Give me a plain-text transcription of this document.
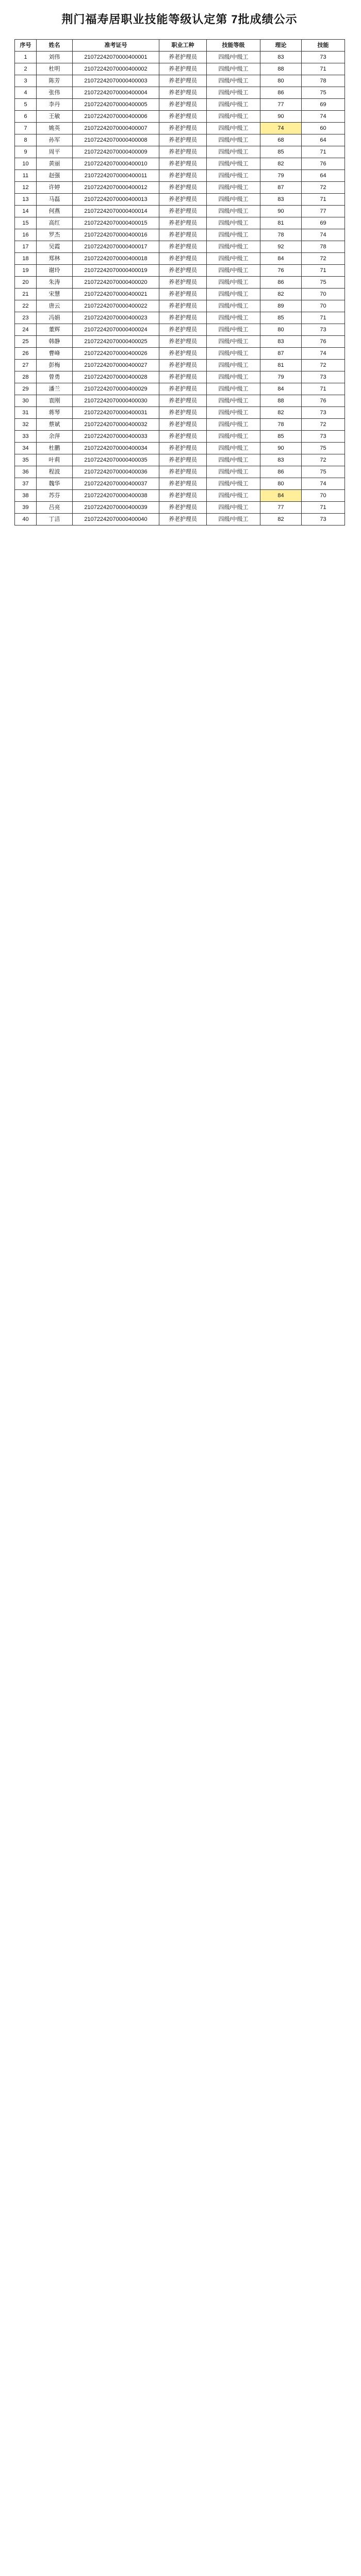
荆门福寿居职业技能等级认定第 7批成绩公示
序号	姓名	准考证号	职业工种	技能等级	理论	技能
1	刘伟	21072242070000400001	养老护理员	四级/中级工	83	73
2	杜明	21072242070000400002	养老护理员	四级/中级工	88	71
3	陈芳	21072242070000400003	养老护理员	四级/中级工	80	78
4	张伟	21072242070000400004	养老护理员	四级/中级工	86	75
5	李丹	21072242070000400005	养老护理员	四级/中级工	77	69
6	王敏	21072242070000400006	养老护理员	四级/中级工	90	74
7	姚英	21072242070000400007	养老护理员	四级/中级工	74	60
8	孙军	21072242070000400008	养老护理员	四级/中级工	68	64
9	周平	21072242070000400009	养老护理员	四级/中级工	85	71
10	黄丽	21072242070000400010	养老护理员	四级/中级工	82	76
11	赵强	21072242070000400011	养老护理员	四级/中级工	79	64
12	许婷	21072242070000400012	养老护理员	四级/中级工	87	72
13	马磊	21072242070000400013	养老护理员	四级/中级工	83	71
14	何燕	21072242070000400014	养老护理员	四级/中级工	90	77
15	高红	21072242070000400015	养老护理员	四级/中级工	81	69
16	罗杰	21072242070000400016	养老护理员	四级/中级工	78	74
17	吴霞	21072242070000400017	养老护理员	四级/中级工	92	78
18	郑林	21072242070000400018	养老护理员	四级/中级工	84	72
19	谢玲	21072242070000400019	养老护理员	四级/中级工	76	71
20	朱涛	21072242070000400020	养老护理员	四级/中级工	86	75
21	宋慧	21072242070000400021	养老护理员	四级/中级工	82	70
22	唐云	21072242070000400022	养老护理员	四级/中级工	89	70
23	冯娟	21072242070000400023	养老护理员	四级/中级工	85	71
24	董辉	21072242070000400024	养老护理员	四级/中级工	80	73
25	韩静	21072242070000400025	养老护理员	四级/中级工	83	76
26	曹峰	21072242070000400026	养老护理员	四级/中级工	87	74
27	彭梅	21072242070000400027	养老护理员	四级/中级工	81	72
28	曾勇	21072242070000400028	养老护理员	四级/中级工	79	73
29	潘兰	21072242070000400029	养老护理员	四级/中级工	84	71
30	袁刚	21072242070000400030	养老护理员	四级/中级工	88	76
31	蒋琴	21072242070000400031	养老护理员	四级/中级工	82	73
32	蔡斌	21072242070000400032	养老护理员	四级/中级工	78	72
33	余萍	21072242070000400033	养老护理员	四级/中级工	85	73
34	杜鹏	21072242070000400034	养老护理员	四级/中级工	90	75
35	叶莉	21072242070000400035	养老护理员	四级/中级工	83	72
36	程波	21072242070000400036	养老护理员	四级/中级工	86	75
37	魏华	21072242070000400037	养老护理员	四级/中级工	80	74
38	苏芬	21072242070000400038	养老护理员	四级/中级工	84	70
39	吕亮	21072242070000400039	养老护理员	四级/中级工	77	71
40	丁洁	21072242070000400040	养老护理员	四级/中级工	82	73
